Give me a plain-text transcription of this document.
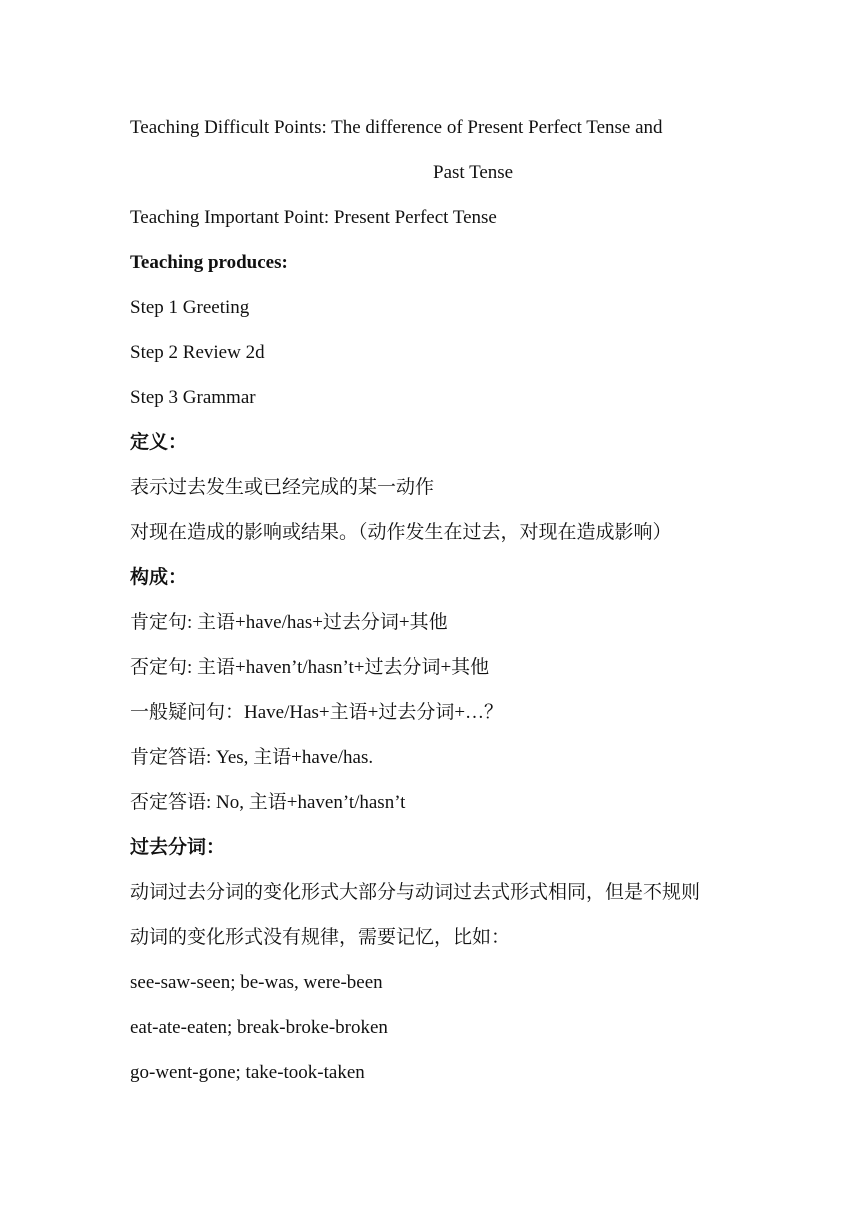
Teaching Difficult Points: The difference of Present Perfect Tense and
Past Tense
Teaching Important Point: Present Perfect Tense
Teaching produces:
Step 1 Greeting
Step 2 Review 2d
Step 3 Grammar
定义：
表示过去发生或已经完成的某一动作
对现在造成的影响或结果。（动作发生在过去，对现在造成影响）
构成：
肯定句: 主语+have/has+过去分词+其他
否定句: 主语+haven’t/hasn’t+过去分词+其他
一般疑问句：Have/Has+主语+过去分词+…？
肯定答语: Yes, 主语+have/has.
否定答语: No, 主语+haven’t/hasn’t
过去分词：
动词过去分词的变化形式大部分与动词过去式形式相同，但是不规则
动词的变化形式没有规律，需要记忆，比如：
see-saw-seen; be-was, were-been
eat-ate-eaten; break-broke-broken
go-went-gone; take-took-taken
